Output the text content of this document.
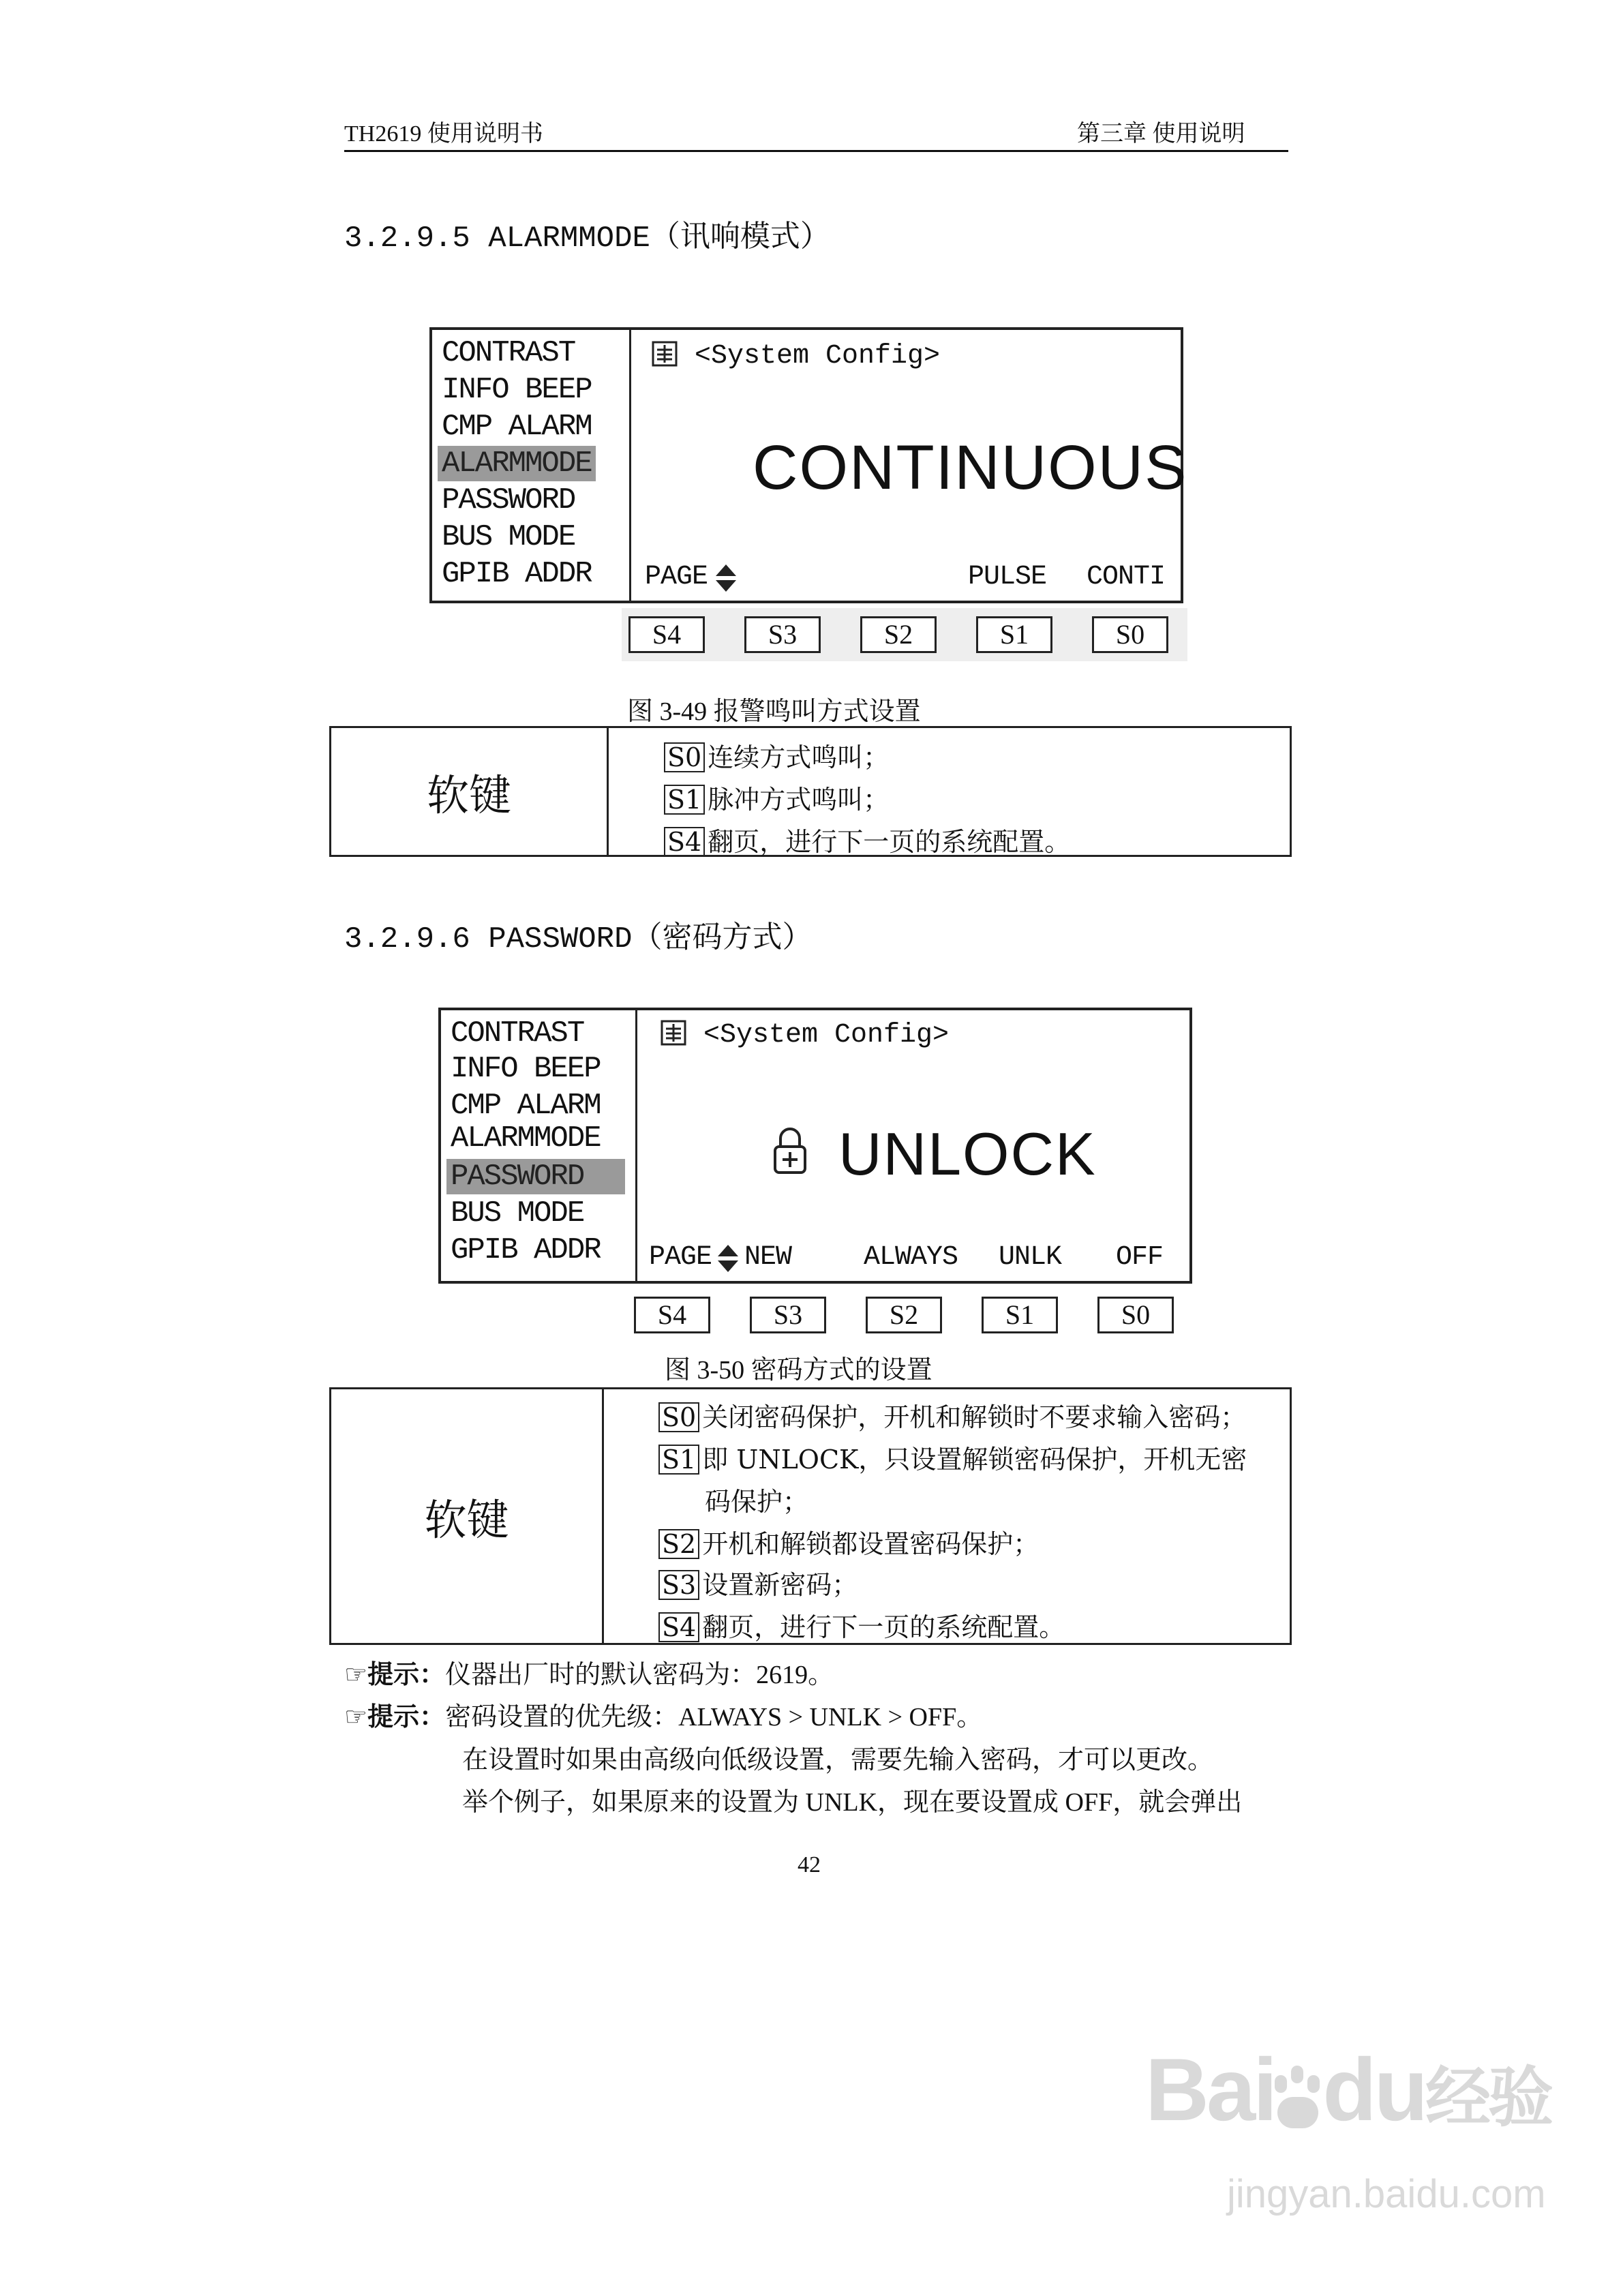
TH2619 使用说明书	第三章 使用说明
3.2.9.5 ALARMMODE（讯响模式）
CONTRAST
INFO BEEP
CMP ALARM
ALARMMODE
PASSWORD
BUS MODE
GPIB ADDR
<System Config>
CONTINUOUS
PAGE	PULSE CONTI
S4	S3	S2	S1	S0
图 3-49 报警鸣叫方式设置
软键
S0 连续方式鸣叫；
S1 脉冲方式鸣叫；
S4 翻页，进行下一页的系统配置。
3.2.9.6 PASSWORD（密码方式）
CONTRAST
INFO BEEP
CMP ALARM
ALARMMODE
PASSWORD
BUS MODE
GPIB ADDR
<System Config>
UNLOCK
PAGE NEW	ALWAYS UNLK OFF
S4	S3	S2	S1	S0
图 3-50 密码方式的设置
软键
S0 关闭密码保护，开机和解锁时不要求输入密码；
S1 即 UNLOCK，只设置解锁密码保护，开机无密
码保护；
S2 开机和解锁都设置密码保护；
S3 设置新密码；
S4 翻页，进行下一页的系统配置。
☞提示：仪器出厂时的默认密码为：2619。
☞提示：密码设置的优先级：ALWAYS > UNLK > OFF。
在设置时如果由高级向低级设置，需要先输入密码，才可以更改。
举个例子，如果原来的设置为 UNLK，现在要设置成 OFF，就会弹出
42
Bai du经验
jingyan.baidu.com
